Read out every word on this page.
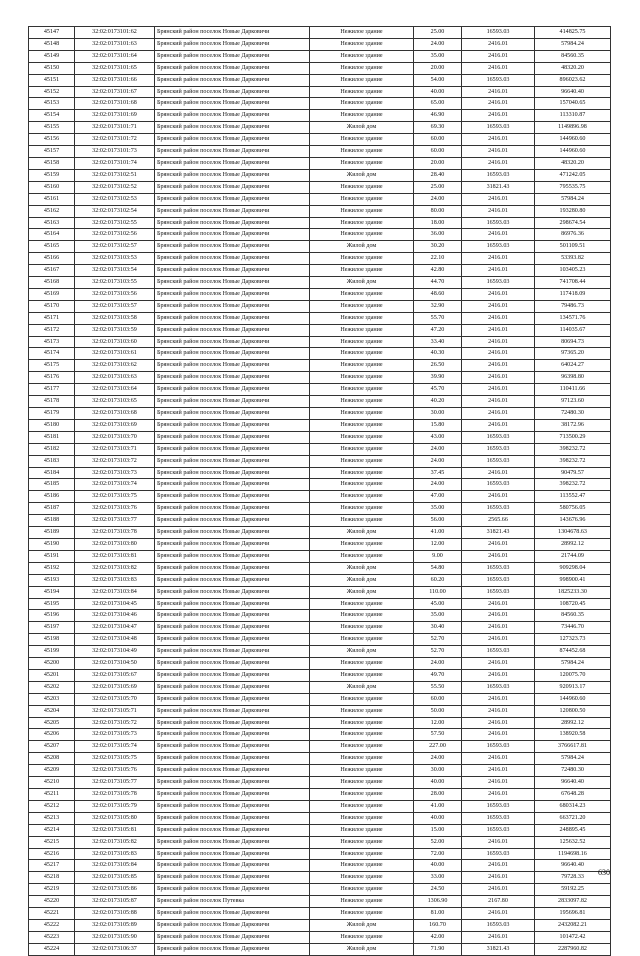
45147	32:02:0173101:62	Брянский район поселок Новые Дарковичи	Нежилое здание	25.00	16593.03	414825.75
45148	32:02:0173101:63	Брянский район поселок Новые Дарковичи	Нежилое здание	24.00	2416.01	57984.24
45149	32:02:0173101:64	Брянский район поселок Новые Дарковичи	Нежилое здание	35.00	2416.01	84560.35
45150	32:02:0173101:65	Брянский район поселок Новые Дарковичи	Нежилое здание	20.00	2416.01	48320.20
45151	32:02:0173101:66	Брянский район поселок Новые Дарковичи	Нежилое здание	54.00	16593.03	896023.62
45152	32:02:0173101:67	Брянский район поселок Новые Дарковичи	Нежилое здание	40.00	2416.01	96640.40
45153	32:02:0173101:68	Брянский район поселок Новые Дарковичи	Нежилое здание	65.00	2416.01	157040.65
45154	32:02:0173101:69	Брянский район поселок Новые Дарковичи	Нежилое здание	46.90	2416.01	113310.87
45155	32:02:0173101:71	Брянский район поселок Новые Дарковичи	Жилой дом	69.30	16593.03	1149896.98
45156	32:02:0173101:72	Брянский район поселок Новые Дарковичи	Нежилое здание	60.00	2416.01	144960.60
45157	32:02:0173101:73	Брянский район поселок Новые Дарковичи	Нежилое здание	60.00	2416.01	144960.60
45158	32:02:0173101:74	Брянский район поселок Новые Дарковичи	Нежилое здание	20.00	2416.01	48320.20
45159	32:02:0173102:51	Брянский район поселок Новые Дарковичи	Жилой дом	28.40	16593.03	471242.05
45160	32:02:0173102:52	Брянский район поселок Новые Дарковичи	Нежилое здание	25.00	31821.43	795535.75
45161	32:02:0173102:53	Брянский район поселок Новые Дарковичи	Нежилое здание	24.00	2416.01	57984.24
45162	32:02:0173102:54	Брянский район поселок Новые Дарковичи	Нежилое здание	80.00	2416.01	193280.80
45163	32:02:0173102:55	Брянский район поселок Новые Дарковичи	Нежилое здание	18.00	16593.03	298674.54
45164	32:02:0173102:56	Брянский район поселок Новые Дарковичи	Нежилое здание	36.00	2416.01	86976.36
45165	32:02:0173102:57	Брянский район поселок Новые Дарковичи	Жилой дом	30.20	16593.03	501109.51
45166	32:02:0173103:53	Брянский район поселок Новые Дарковичи	Нежилое здание	22.10	2416.01	53393.82
45167	32:02:0173103:54	Брянский район поселок Новые Дарковичи	Нежилое здание	42.80	2416.01	103405.23
45168	32:02:0173103:55	Брянский район поселок Новые Дарковичи	Жилой дом	44.70	16593.03	741708.44
45169	32:02:0173103:56	Брянский район поселок Новые Дарковичи	Нежилое здание	48.60	2416.01	117418.09
45170	32:02:0173103:57	Брянский район поселок Новые Дарковичи	Нежилое здание	32.90	2416.01	79486.73
45171	32:02:0173103:58	Брянский район поселок Новые Дарковичи	Нежилое здание	55.70	2416.01	134571.76
45172	32:02:0173103:59	Брянский район поселок Новые Дарковичи	Нежилое здание	47.20	2416.01	114035.67
45173	32:02:0173103:60	Брянский район поселок Новые Дарковичи	Нежилое здание	33.40	2416.01	80694.73
45174	32:02:0173103:61	Брянский район поселок Новые Дарковичи	Нежилое здание	40.30	2416.01	97365.20
45175	32:02:0173103:62	Брянский район поселок Новые Дарковичи	Нежилое здание	26.50	2416.01	64024.27
45176	32:02:0173103:63	Брянский район поселок Новые Дарковичи	Нежилое здание	39.90	2416.01	96398.80
45177	32:02:0173103:64	Брянский район поселок Новые Дарковичи	Нежилое здание	45.70	2416.01	110411.66
45178	32:02:0173103:65	Брянский район поселок Новые Дарковичи	Нежилое здание	40.20	2416.01	97123.60
45179	32:02:0173103:68	Брянский район поселок Новые Дарковичи	Нежилое здание	30.00	2416.01	72480.30
45180	32:02:0173103:69	Брянский район поселок Новые Дарковичи	Нежилое здание	15.80	2416.01	38172.96
45181	32:02:0173103:70	Брянский район поселок Новые Дарковичи	Нежилое здание	43.00	16593.03	713500.29
45182	32:02:0173103:71	Брянский район поселок Новые Дарковичи	Нежилое здание	24.00	16593.03	398232.72
45183	32:02:0173103:72	Брянский район поселок Новые Дарковичи	Нежилое здание	24.00	16593.03	398232.72
45184	32:02:0173103:73	Брянский район поселок Новые Дарковичи	Нежилое здание	37.45	2416.01	90479.57
45185	32:02:0173103:74	Брянский район поселок Новые Дарковичи	Нежилое здание	24.00	16593.03	398232.72
45186	32:02:0173103:75	Брянский район поселок Новые Дарковичи	Нежилое здание	47.00	2416.01	113552.47
45187	32:02:0173103:76	Брянский район поселок Новые Дарковичи	Нежилое здание	35.00	16593.03	580756.05
45188	32:02:0173103:77	Брянский район поселок Новые Дарковичи	Нежилое здание	56.00	2565.66	143676.96
45189	32:02:0173103:78	Брянский район поселок Новые Дарковичи	Жилой дом	41.00	31821.43	1304678.63
45190	32:02:0173103:80	Брянский район поселок Новые Дарковичи	Нежилое здание	12.00	2416.01	28992.12
45191	32:02:0173103:81	Брянский район поселок Новые Дарковичи	Нежилое здание	9.00	2416.01	21744.09
45192	32:02:0173103:82	Брянский район поселок Новые Дарковичи	Жилой дом	54.80	16593.03	909298.04
45193	32:02:0173103:83	Брянский район поселок Новые Дарковичи	Жилой дом	60.20	16593.03	998900.41
45194	32:02:0173103:84	Брянский район поселок Новые Дарковичи	Жилой дом	110.00	16593.03	1825233.30
45195	32:02:0173104:45	Брянский район поселок Новые Дарковичи	Нежилое здание	45.00	2416.01	108720.45
45196	32:02:0173104:46	Брянский район поселок Новые Дарковичи	Нежилое здание	35.00	2416.01	84560.35
45197	32:02:0173104:47	Брянский район поселок Новые Дарковичи	Нежилое здание	30.40	2416.01	73446.70
45198	32:02:0173104:48	Брянский район поселок Новые Дарковичи	Нежилое здание	52.70	2416.01	127323.73
45199	32:02:0173104:49	Брянский район поселок Новые Дарковичи	Жилой дом	52.70	16593.03	874452.68
45200	32:02:0173104:50	Брянский район поселок Новые Дарковичи	Нежилое здание	24.00	2416.01	57984.24
45201	32:02:0173105:67	Брянский район поселок Новые Дарковичи	Нежилое здание	49.70	2416.01	120075.70
45202	32:02:0173105:69	Брянский район поселок Новые Дарковичи	Жилой дом	55.50	16593.03	920913.17
45203	32:02:0173105:70	Брянский район поселок Новые Дарковичи	Нежилое здание	60.00	2416.01	144960.60
45204	32:02:0173105:71	Брянский район поселок Новые Дарковичи	Нежилое здание	50.00	2416.01	120800.50
45205	32:02:0173105:72	Брянский район поселок Новые Дарковичи	Нежилое здание	12.00	2416.01	28992.12
45206	32:02:0173105:73	Брянский район поселок Новые Дарковичи	Нежилое здание	57.50	2416.01	138920.58
45207	32:02:0173105:74	Брянский район поселок Новые Дарковичи	Нежилое здание	227.00	16593.03	3766617.81
45208	32:02:0173105:75	Брянский район поселок Новые Дарковичи	Нежилое здание	24.00	2416.01	57984.24
45209	32:02:0173105:76	Брянский район поселок Новые Дарковичи	Нежилое здание	30.00	2416.01	72480.30
45210	32:02:0173105:77	Брянский район поселок Новые Дарковичи	Нежилое здание	40.00	2416.01	96640.40
45211	32:02:0173105:78	Брянский район поселок Новые Дарковичи	Нежилое здание	28.00	2416.01	67648.28
45212	32:02:0173105:79	Брянский район поселок Новые Дарковичи	Нежилое здание	41.00	16593.03	680314.23
45213	32:02:0173105:80	Брянский район поселок Новые Дарковичи	Нежилое здание	40.00	16593.03	663721.20
45214	32:02:0173105:81	Брянский район поселок Новые Дарковичи	Нежилое здание	15.00	16593.03	248895.45
45215	32:02:0173105:82	Брянский район поселок Новые Дарковичи	Нежилое здание	52.00	2416.01	125632.52
45216	32:02:0173105:83	Брянский район поселок Новые Дарковичи	Нежилое здание	72.00	16593.03	1194698.16
45217	32:02:0173105:84	Брянский район поселок Новые Дарковичи	Нежилое здание	40.00	2416.01	96640.40
45218	32:02:0173105:85	Брянский район поселок Новые Дарковичи	Нежилое здание	33.00	2416.01	79728.33
45219	32:02:0173105:86	Брянский район поселок Новые Дарковичи	Нежилое здание	24.50	2416.01	59192.25
45220	32:02:0173105:87	Брянский район поселок Путевка	Нежилое здание	1306.90	2167.80	2833097.82
45221	32:02:0173105:88	Брянский район поселок Новые Дарковичи	Нежилое здание	81.00	2416.01	195696.81
45222	32:02:0173105:89	Брянский район поселок Новые Дарковичи	Жилой дом	160.70	16593.03	2432082.21
45223	32:02:0173105:90	Брянский район поселок Новые Дарковичи	Нежилое здание	42.00	2416.01	101472.42
45224	32:02:0173106:37	Брянский район поселок Новые Дарковичи	Жилой дом	71.90	31821.43	2287960.82
630
